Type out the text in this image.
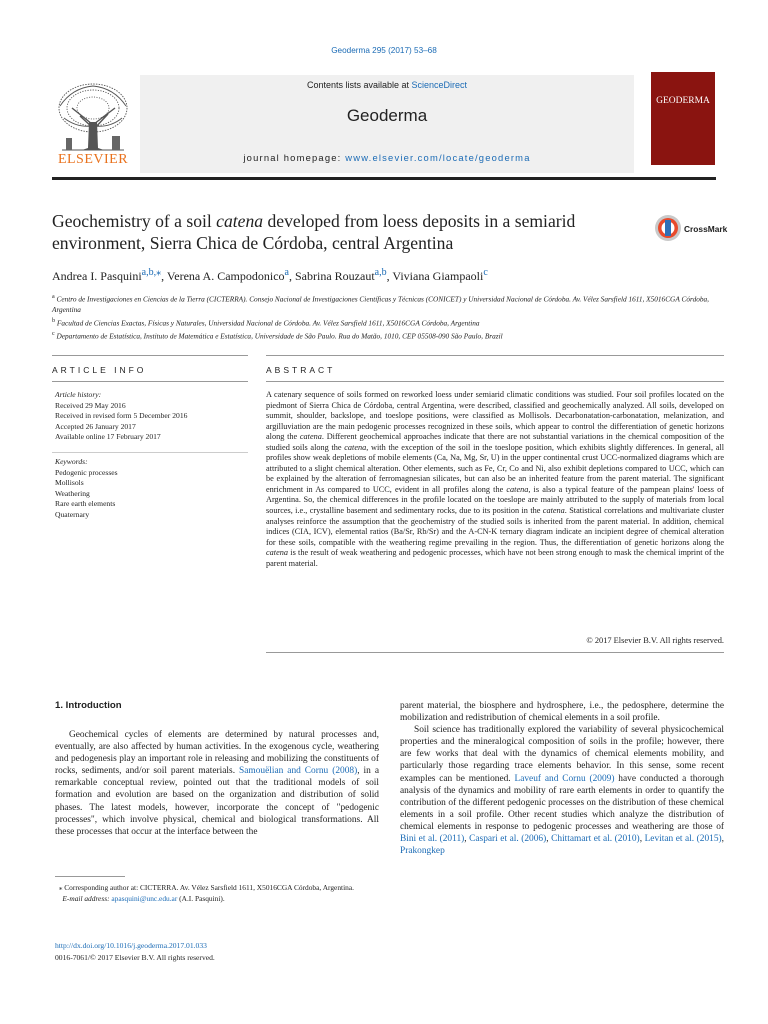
Geoderma 295 (2017) 53–68
Contents lists available at ScienceDirect
Geoderma
journal homepage: www.elsevier.com/locate/geoderma
ELSEVIER
GEODERMA
Geochemistry of a soil catena developed from loess deposits in a semiarid environment, Sierra Chica de Córdoba, central Argentina
CrossMark
Andrea I. Pasquini$^{a,b,⁎}$, Verena A. Campodonico$^a$, Sabrina Rouzaut$^{a,b}$, Viviana Giampaoli$^c$

$^a$ Centro de Investigaciones en Ciencias de la Tierra (CICTERRA). Consejo Nacional de Investigaciones Científicas y Técnicas (CONICET) y Universidad Nacional de Córdoba. Av. Vélez Sarsfield 1611, X5016CGA Córdoba, Argentina

$^b$ Facultad de Ciencias Exactas, Físicas y Naturales, Universidad Nacional de Córdoba. Av. Vélez Sarsfield 1611, X5016CGA Córdoba, Argentina

$^c$ Departamento de Estatística, Instituto de Matemática e Estatística, Universidade de São Paulo. Rua do Matão, 1010, CEP 05508-090 São Paulo, Brazil

ARTICLE INFO	ABSTRACT
Article history:
Received 29 May 2016
Received in revised form 5 December 2016
Accepted 26 January 2017
Available online 17 February 2017
Keywords:
Pedogenic processes
Mollisols
Weathering
Rare earth elements
Quaternary
A catenary sequence of soils formed on reworked loess under semiarid climatic conditions was studied. Four soil profiles located on the piedmont of Sierra Chica de Córdoba, central Argentina, were described, classified and geochemically analyzed. All soils, developed on summit, shoulder, backslope, and toeslope positions, were classified as Mollisols. Decarbonatation-carbonatation, melanization, and argilluviation are the main pedogenic processes recognized in these soils, which appear to control the differentiation of genetic horizons along the catena. Different geochemical approaches indicate that there are not substantial variations in the chemical composition of the studied soils along the catena, with the exception of the soil in the toeslope position, which exhibits slightly differences. In general, all profiles show weak depletions of mobile elements (Ca, Na, Mg, Sr, U) in the upper continental crust UCC-normalized diagrams which are attributed to a slight chemical alteration. Other elements, such as Fe, Cr, Co and Ni, also exhibit depletions compared to UCC, which can be explained by the alteration of ferromagnesian silicates, but can also be an inherited feature from the parent material. The significant enrichment in As compared to UCC, evident in all profiles along the catena, is also a typical feature of the pampean plains' loess of Argentina. So, the chemical differences in the profile located on the toeslope are mainly attributed to the supply of materials from local sources, i.e., crystalline basement and sedimentary rocks, due to its position in the catena. Statistical correlations and multivariate cluster analyses reinforce the assumption that the geochemistry of the studied soils is inherited from the parent material. In addition, chemical indices (CIA, ICV), elemental ratios (Ba/Sr, Rb/Sr) and the A-CN-K ternary diagram indicate an incipient degree of chemical alteration for these soils, compatible with the weathering regime prevailing in the region. Thus, the differentiation of genetic horizons along the catena is the result of weak weathering and pedogenic processes, which have not been strong enough to mask the chemical imprint of the parent material.
© 2017 Elsevier B.V. All rights reserved.
1. Introduction

Geochemical cycles of elements are determined by natural processes and, eventually, are also affected by human activities. In the exogenous cycle, weathering and pedogenesis play an important role in releasing and mobilizing the constituents of rocks, sediments, and/or soil parent materials. Samouëlian and Cornu (2008), in a remarkable conceptual review, pointed out that the traditional models of soil formation and evolution are based on the organization and distribution of solid phases. The latest models, however, incorporate the concept of "pedogenic processes", which involve physical, chemical and biological transformations. All these processes that occur at the interface between the

parent material, the biosphere and hydrosphere, i.e., the pedosphere, determine the mobilization and redistribution of chemical elements in a soil profile.

Soil science has traditionally explored the variability of several physicochemical properties and the mineralogical composition of soils in the profile; however, there are few works that deal with the dynamics of chemical elements mobility, and particularly those regarding trace elements behavior. In this sense, some recent examples can be mentioned. Laveuf and Cornu (2009) have conducted a thorough analysis of the dynamics and mobility of rare earth elements in order to quantify the contribution of the different pedogenic processes on the distribution of these chemical elements in a soil profile. Other recent studies which analyze the distribution of chemical elements in response to pedogenic processes and weathering are those of Bini et al. (2011), Caspari et al. (2006), Chittamart et al. (2010), Levitan et al. (2015), Prakongkep

⁎ Corresponding author at: CICTERRA. Av. Vélez Sarsfield 1611, X5016CGA Córdoba, Argentina.
E-mail address: apasquini@unc.edu.ar (A.I. Pasquini).
http://dx.doi.org/10.1016/j.geoderma.2017.01.033
0016-7061/© 2017 Elsevier B.V. All rights reserved.
